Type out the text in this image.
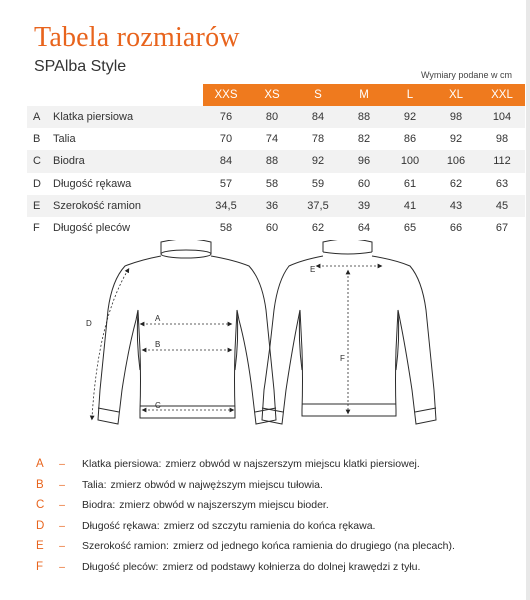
Tabela rozmiarów
SPAlba Style	Wymiary podane w cm
		XXS	XS	S	M	L	XL	XXL
A	Klatka piersiowa	76	80	84	88	92	98	104
B	Talia	70	74	78	82	86	92	98
C	Biodra	84	88	92	96	100	106	112
D	Długość rękawa	57	58	59	60	61	62	63
E	Szerokość ramion	34,5	36	37,5	39	41	43	45
F	Długość pleców	58	60	62	64	65	66	67
A
B
C
D
E
F
A	–	Klatka piersiowa: zmierz obwód w najszerszym miejscu klatki piersiowej.
B	–	Talia: zmierz obwód w najwęższym miejscu tułowia.
C	–	Biodra: zmierz obwód w najszerszym miejscu bioder.
D	–	Długość rękawa: zmierz od szczytu ramienia do końca rękawa.
E	–	Szerokość ramion: zmierz od jednego końca ramienia do drugiego (na plecach).
F	–	Długość pleców: zmierz od podstawy kołnierza do dolnej krawędzi z tyłu.
